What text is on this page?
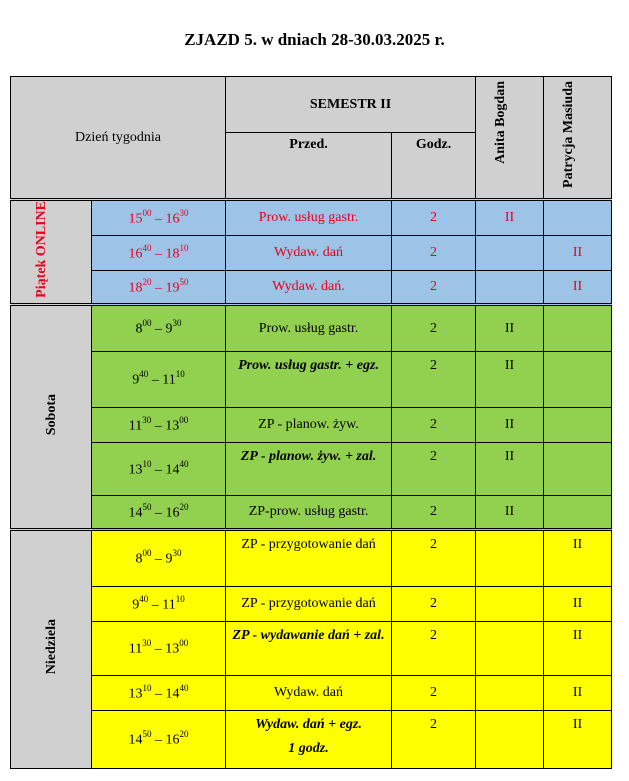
ZJAZD 5. w dniach 28-30.03.2025 r.
Dzień tygodnia		SEMESTR II		Anita Bogdan	Patrycja Masiuda
		Przed.	Godz.		
Piątek ONLINE	$15^{00} - 16^{30}$	Prow. usług gastr.	2	II	
	$16^{40} - 18^{10}$	Wydaw. dań	2		II
	$18^{20} - 19^{50}$	Wydaw. dań.	2		II
Sobota	$8^{00} - 9^{30}$	Prow. usług gastr.	2	II	
	$9^{40} - 11^{10}$	Prow. usług gastr. + egz.	2	II	
	$11^{30} - 13^{00}$	ZP - planow. żyw.	2	II	
	$13^{10} - 14^{40}$	ZP - planow. żyw. + zal.	2	II	
	$14^{50} - 16^{20}$	ZP-prow. usług gastr.	2	II	
Niedziela	$8^{00} - 9^{30}$	ZP - przygotowanie dań	2		II
	$9^{40} - 11^{10}$	ZP - przygotowanie dań	2		II
	$11^{30} - 13^{00}$	ZP - wydawanie dań + zal.	2		II
	$13^{10} - 14^{40}$	Wydaw. dań	2		II
	$14^{50} - 16^{20}$	Wydaw. dań + egz.
1 godz.	2		II
